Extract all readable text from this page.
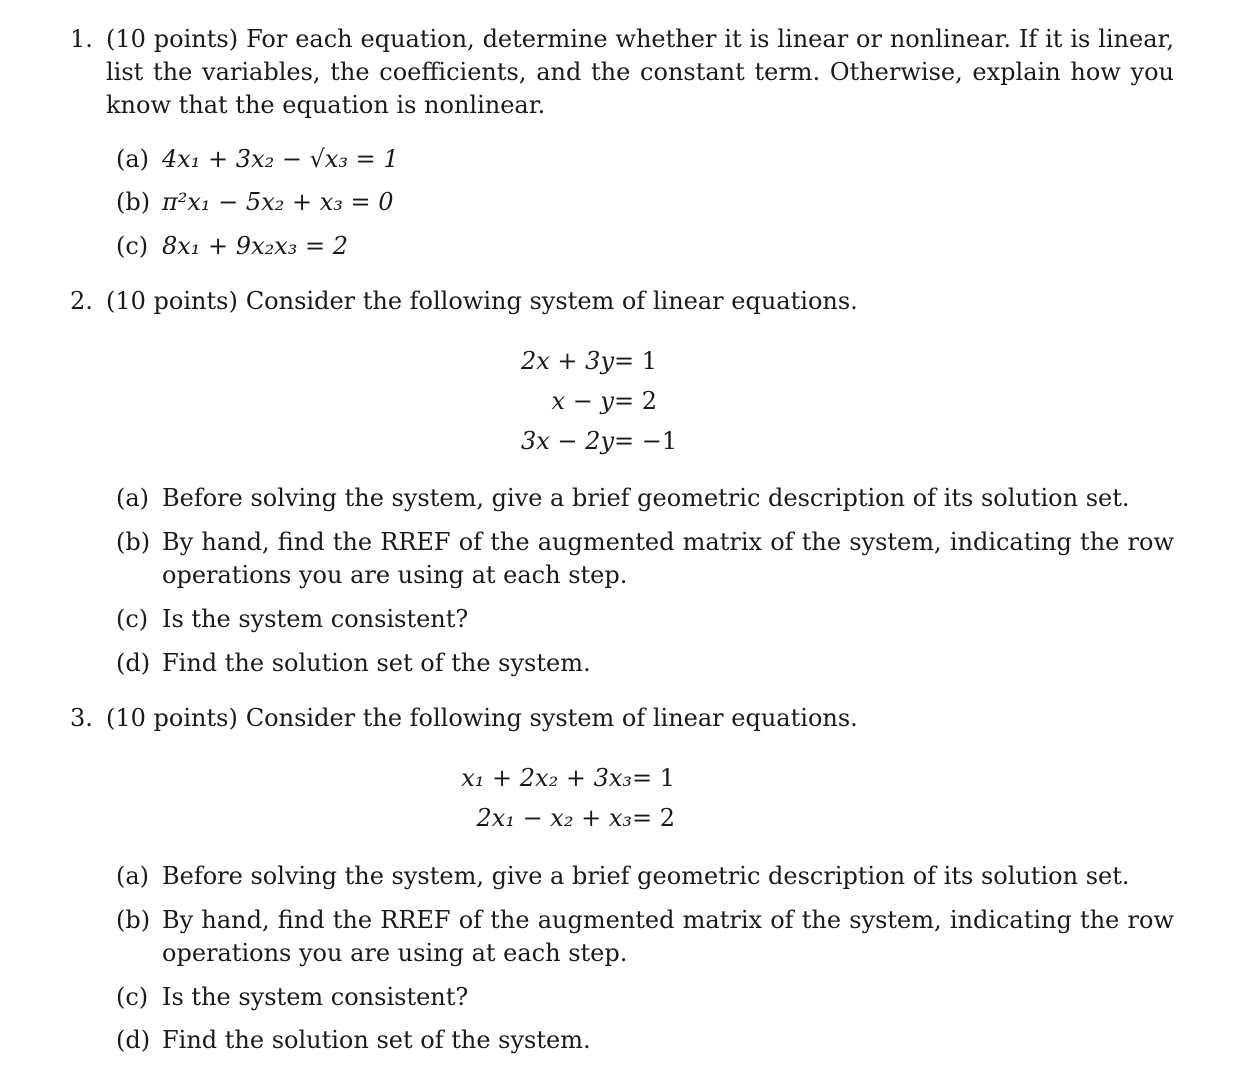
1. (10 points) For each equation, determine whether it is linear or nonlinear. If it is linear, list the variables, the coefficients, and the constant term. Otherwise, explain how you know that the equation is nonlinear.
(a) 4x₁ + 3x₂ − √x₃ = 1
(b) π²x₁ − 5x₂ + x₃ = 0
(c) 8x₁ + 9x₂x₃ = 2
2. (10 points) Consider the following system of linear equations.
2x + 3y = 1
x − y = 2
3x − 2y = −1
(a) Before solving the system, give a brief geometric description of its solution set.
(b) By hand, find the RREF of the augmented matrix of the system, indicating the row operations you are using at each step.
(c) Is the system consistent?
(d) Find the solution set of the system.
3. (10 points) Consider the following system of linear equations.
x₁ + 2x₂ + 3x₃ = 1
2x₁ − x₂ + x₃ = 2
(a) Before solving the system, give a brief geometric description of its solution set.
(b) By hand, find the RREF of the augmented matrix of the system, indicating the row operations you are using at each step.
(c) Is the system consistent?
(d) Find the solution set of the system.
